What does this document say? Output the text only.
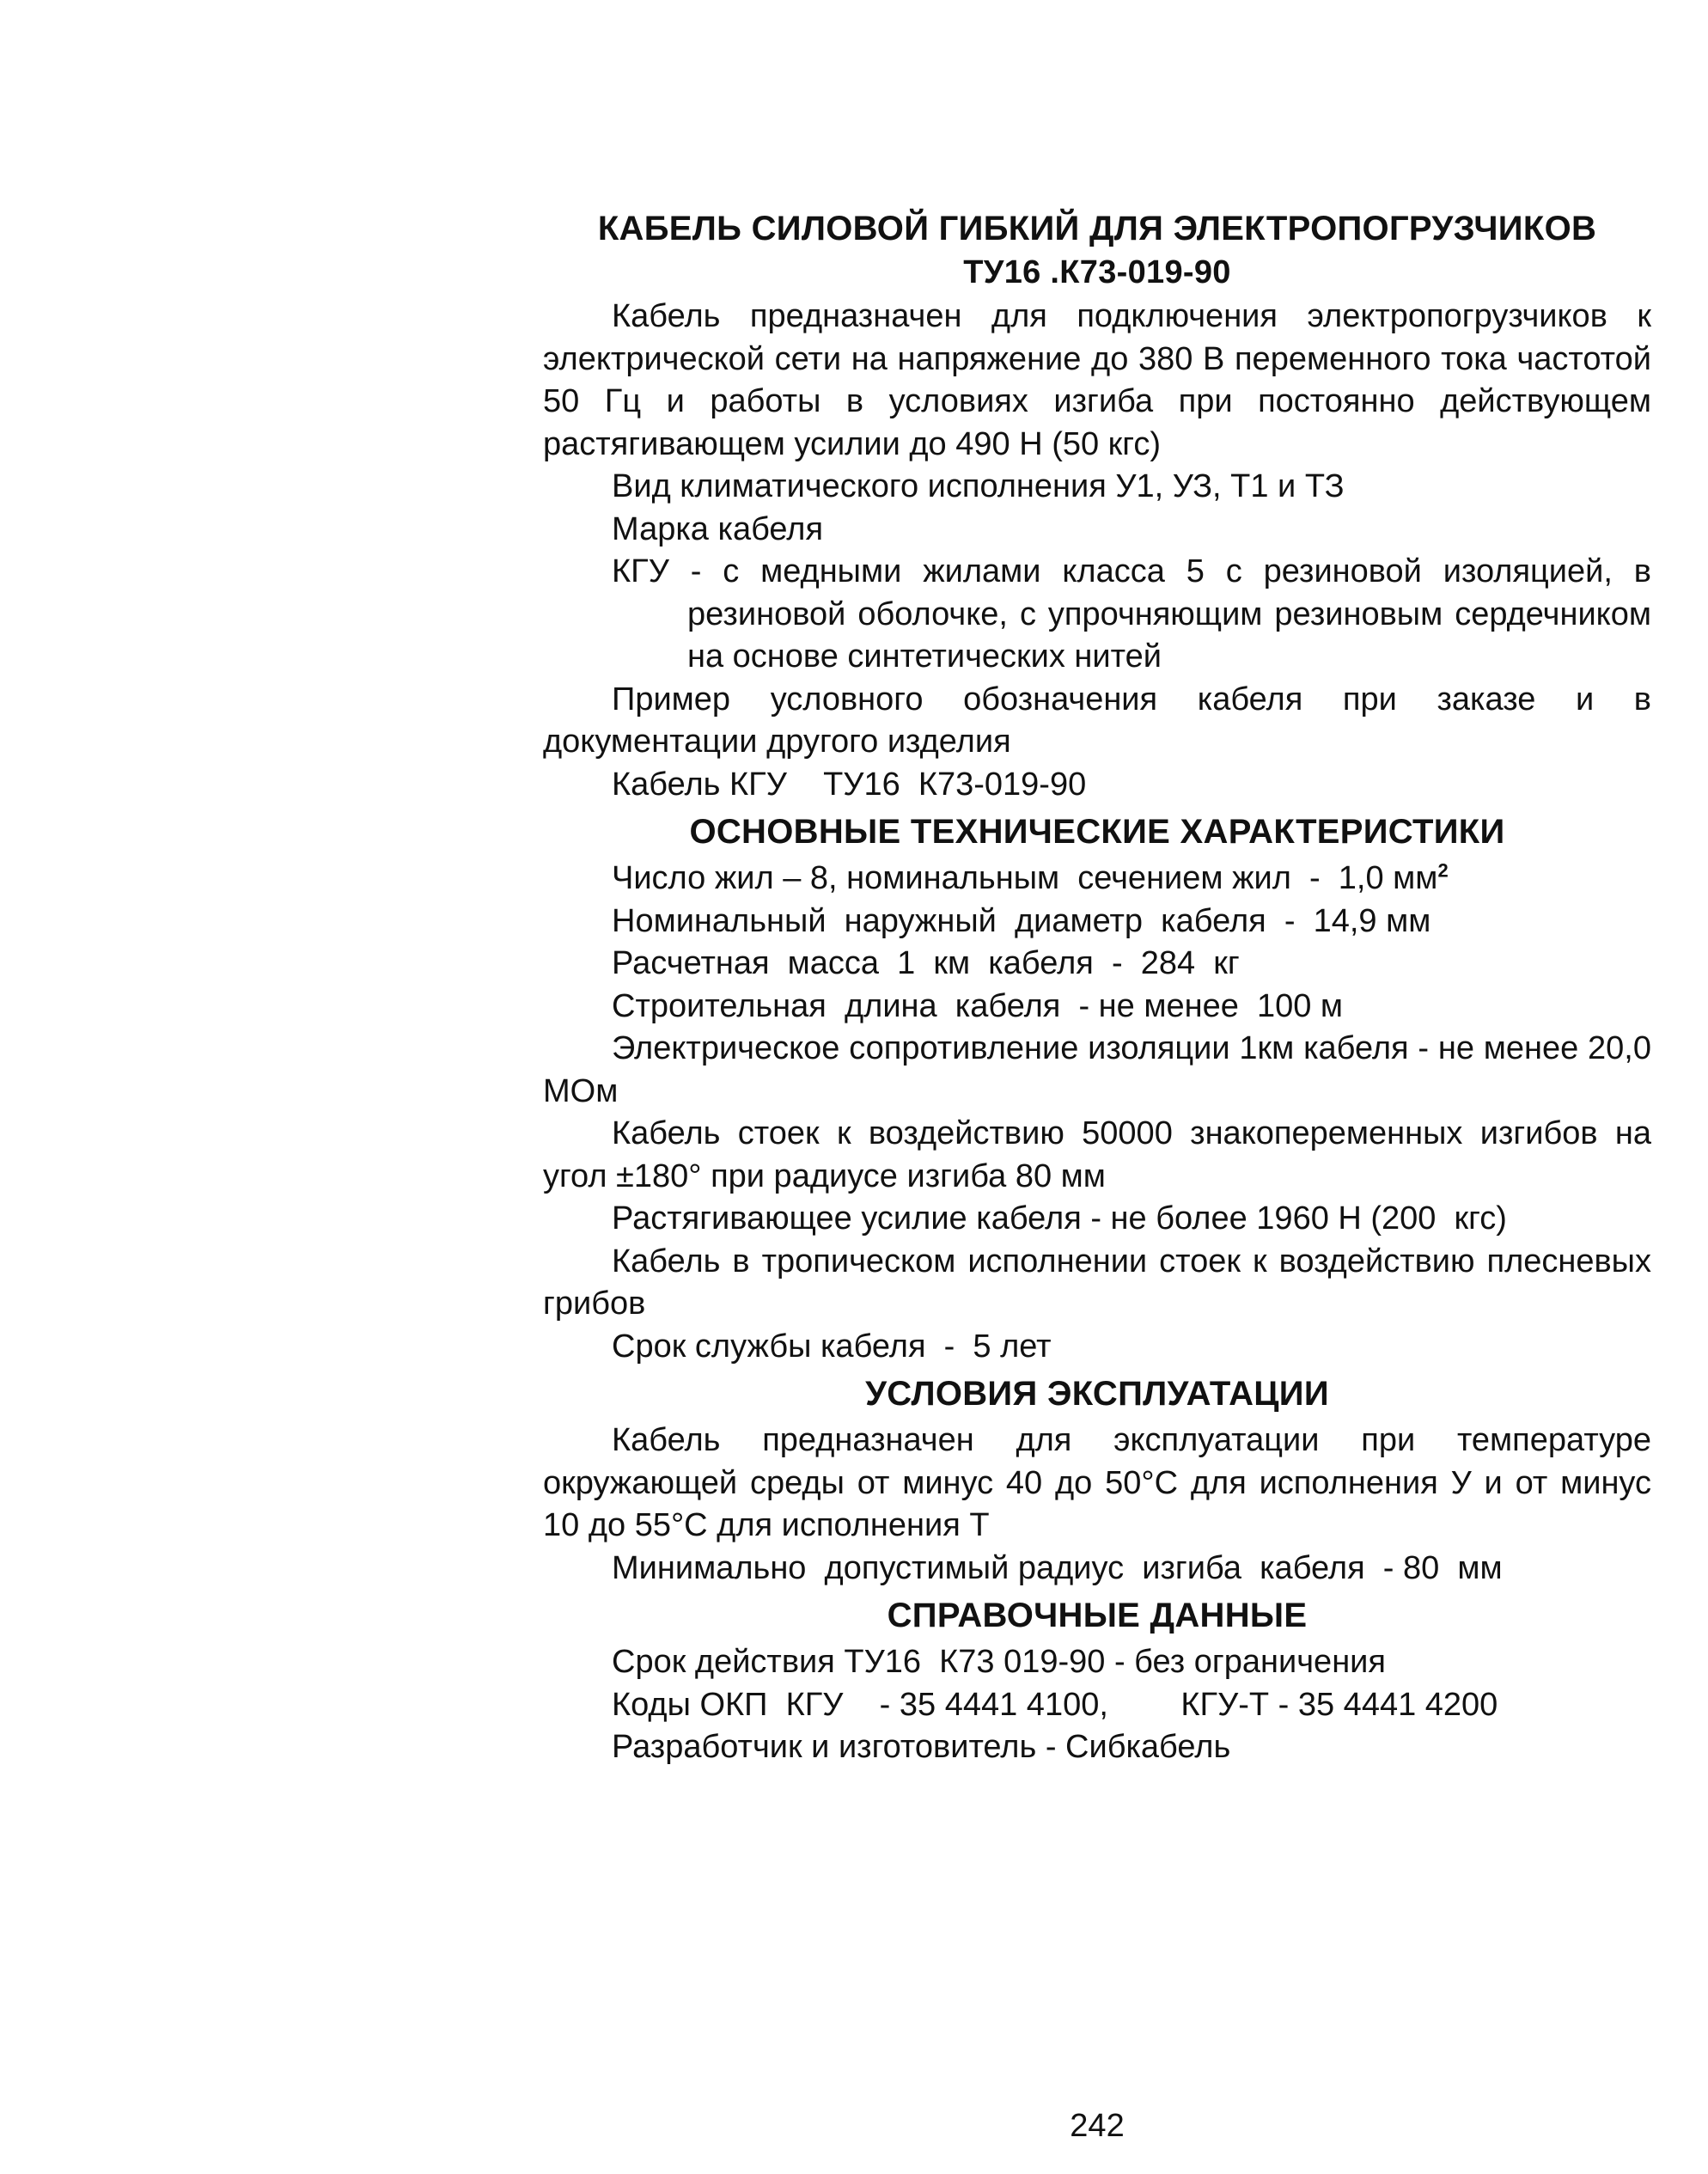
КАБЕЛЬ СИЛОВОЙ ГИБКИЙ ДЛЯ ЭЛЕКТРОПОГРУЗЧИКОВ
ТУ16 .К73-019-90

Кабель предназначен для подключения электропогрузчиков к электрической сети на напряжение до 380 В переменного тока частотой 50 Гц и работы в условиях изгиба при постоянно действующем растягивающем усилии до 490 Н (50 кгс)

Вид климатического исполнения У1, УЗ, Т1 и ТЗ

Марка кабеля

КГУ - с медными жилами класса 5 с резиновой изоляцией, в резиновой оболочке, с упрочняющим резиновым сердечником на основе синтетических нитей

Пример условного обозначения кабеля при заказе и в документации другого изделия

Кабель КГУ    ТУ16  К73-019-90

ОСНОВНЫЕ ТЕХНИЧЕСКИЕ ХАРАКТЕРИСТИКИ

Число жил – 8, номинальным  сечением жил  -  1,0 $мм^2$

Номинальный  наружный  диаметр  кабеля  -  14,9 мм

Расчетная  масса  1  км  кабеля  -  284  кг

Строительная  длина  кабеля  - не менее  100 м

Электрическое сопротивление изоляции 1км кабеля - не менее 20,0 МОм

Кабель стоек к воздействию 50000 знакопеременных изгибов на угол ±180° при радиусе изгиба 80 мм

Растягивающее усилие кабеля - не более 1960 Н (200  кгс)

Кабель в тропическом исполнении стоек к воздействию плесневых грибов

Срок службы кабеля  -  5 лет

УСЛОВИЯ ЭКСПЛУАТАЦИИ

Кабель предназначен для эксплуатации при температуре окружающей среды от минус 40 до 50°С для исполнения У и от минус 10 до 55°С для исполнения Т

Минимально  допустимый радиус  изгиба  кабеля  - 80  мм

СПРАВОЧНЫЕ ДАННЫЕ

Срок действия ТУ16  К73 019-90 - без ограничения

Коды ОКП  КГУ    - 35 4441 4100,        КГУ-Т - 35 4441 4200

Разработчик и изготовитель - Сибкабель

242
